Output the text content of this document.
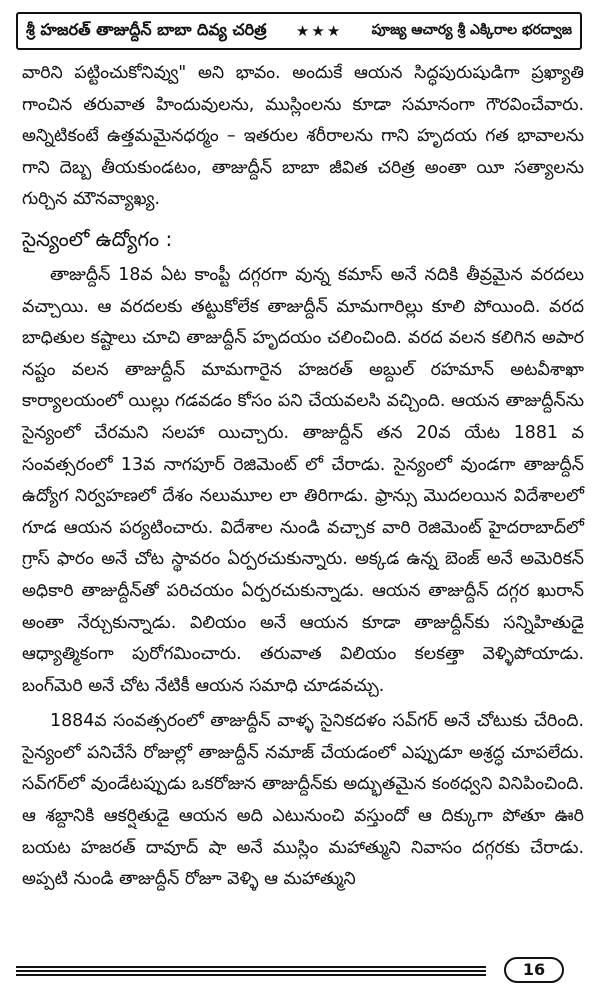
శ్రీ హజరత్ తాజుద్దీన్ బాబా దివ్య చరిత్ర ★★★ పూజ్య ఆచార్య శ్రీ ఎక్కిరాల భరద్వాజ

వారిని పట్టించుకోనివ్వు" అని భావం. అందుకే ఆయన సిద్ధపురుషుడిగా ప్రఖ్యాతి గాంచిన తరువాత హిందువులను, ముస్లింలను కూడా సమానంగా గౌరవించేవారు. అన్నిటికంటే ఉత్తమమైనధర్మం – ఇతరుల శరీరాలను గాని హృదయ గత భావాలను గాని దెబ్బ తీయకుండటం, తాజుద్దీన్ బాబా జీవిత చరిత్ర అంతా యీ సత్యాలను గుర్చిన మౌనవ్యాఖ్య.

సైన్యంలో ఉద్యోగం :

తాజుద్దీన్ 18వ ఏట కాంప్టీ దగ్గరగా వున్న కమాస్ అనే నదికి తీవ్రమైన వరదలు వచ్చాయి. ఆ వరదలకు తట్టుకోలేక తాజుద్దీన్ మామగారిల్లు కూలి పోయింది. వరద బాధితుల కష్టాలు చూచి తాజుద్దీన్ హృదయం చలించింది. వరద వలన కలిగిన అపార నష్టం వలన తాజుద్దీన్ మామగారైన హజరత్ అబ్దుల్ రహమాన్ అటవీశాఖా కార్యాలయంలో యిల్లు గడవడం కోసం పని చేయవలసి వచ్చింది. ఆయన తాజుద్దీన్‌ను సైన్యంలో చేరమని సలహా యిచ్చారు. తాజుద్దీన్ తన 20వ యేట 1881 వ సంవత్సరంలో 13వ నాగపూర్ రెజిమెంట్ లో చేరాడు. సైన్యంలో వుండగా తాజుద్దీన్ ఉద్యోగ నిర్వహణలో దేశం నలుమూల లా తిరిగాడు. ఫ్రాన్సు మొదలయిన విదేశాలలో గూడ ఆయన పర్యటించారు. విదేశాల నుండి వచ్చాక వారి రెజిమెంట్ హైదరాబాద్‌లో గ్రాస్ ఫారం అనే చోట స్థావరం ఏర్పరచుకున్నారు. అక్కడ ఉన్న బెంజ్ అనే అమెరికన్ అధికారి తాజుద్దీన్‌తో పరిచయం ఏర్పరచుకున్నాడు. ఆయన తాజుద్దీన్ దగ్గర ఖురాన్ అంతా నేర్చుకున్నాడు. విలియం అనే ఆయన కూడా తాజుద్దీన్‌కు సన్నిహితుడై ఆధ్యాత్మికంగా పురోగమించారు. తరువాత విలియం కలకత్తా వెళ్ళిపోయాడు. బంగ్‌మెరి అనే చోట నేటికీ ఆయన సమాధి చూడవచ్చు.

1884వ సంవత్సరంలో తాజుద్దీన్ వాళ్ళ సైనికదళం సవ్‌గర్ అనే చోటుకు చేరింది. సైన్యంలో పనిచేసే రోజుల్లో తాజుద్దీన్ నమాజ్ చేయడంలో ఎప్పుడూ అశ్రద్ధ చూపలేదు. సవ్‌గర్‌లో వుండేటప్పుడు ఒకరోజున తాజుద్దీన్‌కు అద్భుతమైన కంఠధ్వని వినిపించింది. ఆ శబ్దానికి ఆకర్షితుడై ఆయన అది ఎటునుంచి వస్తుందో ఆ దిక్కుగా పోతూ ఊరి బయట హజరత్ దావూద్ షా అనే ముస్లిం మహాత్ముని నివాసం దగ్గరకు చేరాడు. అప్పటి నుండి తాజుద్దీన్ రోజూ వెళ్ళి ఆ మహాత్ముని

16
